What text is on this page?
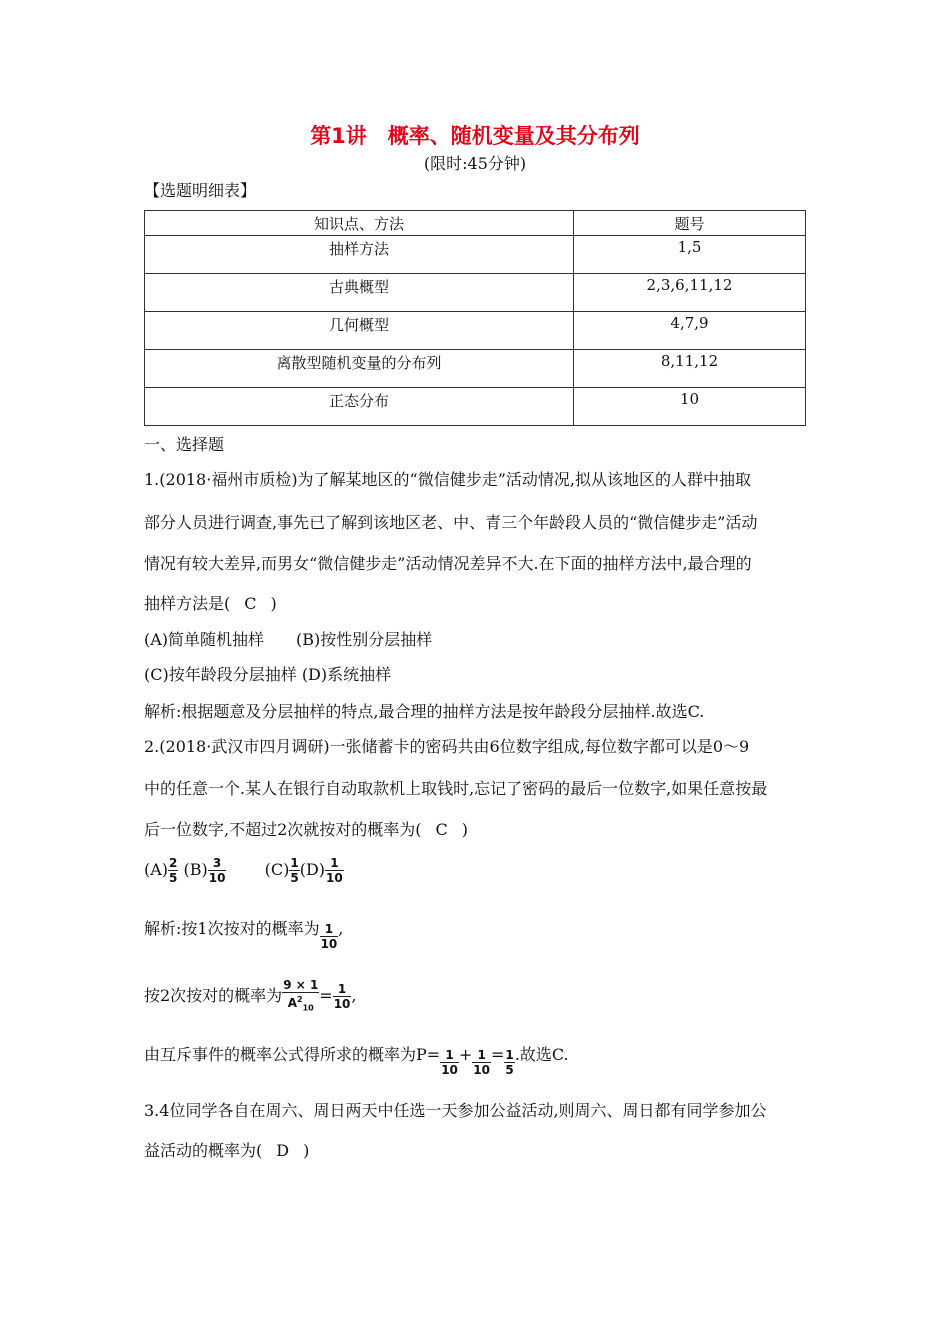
第1讲　概率、随机变量及其分布列
(限时:45分钟)
【选题明细表】
知识点、方法	题号
抽样方法	1,5
古典概型	2,3,6,11,12
几何概型	4,7,9
离散型随机变量的分布列	8,11,12
正态分布	10
一、选择题
1.(2018·福州市质检)为了解某地区的“微信健步走”活动情况,拟从该地区的人群中抽取
部分人员进行调查,事先已了解到该地区老、中、青三个年龄段人员的“微信健步走”活动
情况有较大差异,而男女“微信健步走”活动情况差异不大.在下面的抽样方法中,最合理的
抽样方法是( C )
(A)简单随机抽样　　(B)按性别分层抽样
(C)按年龄段分层抽样 (D)系统抽样
解析:根据题意及分层抽样的特点,最合理的抽样方法是按年龄段分层抽样.故选C.
2.(2018·武汉市四月调研)一张储蓄卡的密码共由6位数字组成,每位数字都可以是0～9
中的任意一个.某人在银行自动取款机上取钱时,忘记了密码的最后一位数字,如果任意按最
后一位数字,不超过2次就按对的概率为( C )
$(A) \frac{2}{5} (B) \frac{3}{10} (C) \frac{1}{5} (D) \frac{1}{10}$
解析:按1次按对的概率为 $\frac{1}{10}$ ,
按2次按对的概率为 $\frac{9 \times 1}{A^2_{10}} = \frac{1}{10}$ ,
由互斥事件的概率公式得所求的概率为$P= \frac{1}{10} + \frac{1}{10} = \frac{1}{5}$ .故选C.
3.4位同学各自在周六、周日两天中任选一天参加公益活动,则周六、周日都有同学参加公
益活动的概率为( D )
